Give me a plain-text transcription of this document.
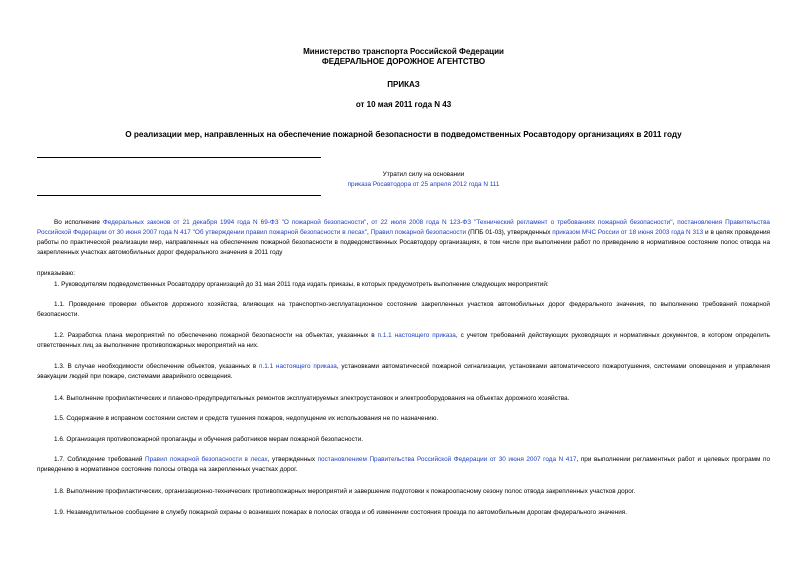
Министерство транспорта Российской Федерации
ФЕДЕРАЛЬНОЕ ДОРОЖНОЕ АГЕНТСТВО
ПРИКАЗ
от 10 мая 2011 года N 43
О реализации мер, направленных на обеспечение пожарной безопасности в подведомственных Росавтодору организациях в 2011 году
Утратил силу на основании
приказа Росавтодора от 25 апреля 2012 года N 111
Во исполнение Федеральных законов от 21 декабря 1994 года N 69-ФЗ "О пожарной безопасности", от 22 июля 2008 года N 123-ФЗ "Технический регламент о требованиях пожарной безопасности", постановления Правительства Российской Федерации от 30 июня 2007 года N 417 "Об утверждении правил пожарной безопасности в лесах", Правил пожарной безопасности (ППБ 01-03), утвержденных приказом МЧС России от 18 июня 2003 года N 313 и в целях проведения работы по практической реализации мер, направленных на обеспечение пожарной безопасности в подведомственных Росавтодору организациях, в том числе при выполнении работ по приведению в нормативное состояние полос отвода на закрепленных участках автомобильных дорог федерального значения в 2011 году
приказываю:
1. Руководителям подведомственных Росавтодору организаций до 31 мая 2011 года издать приказы, в которых предусмотреть выполнение следующих мероприятий:
1.1. Проведение проверки объектов дорожного хозяйства, влияющих на транспортно-эксплуатационное состояние закрепленных участков автомобильных дорог федерального значения, по выполнению требований пожарной безопасности.
1.2. Разработка плана мероприятий по обеспечению пожарной безопасности на объектах, указанных в п.1.1 настоящего приказа, с учетом требований действующих руководящих и нормативных документов, в котором определить ответственных лиц за выполнение противопожарных мероприятий на них.
1.3. В случае необходимости обеспечение объектов, указанных в п.1.1 настоящего приказа, установками автоматической пожарной сигнализации, установками автоматического пожаротушения, системами оповещения и управления эвакуации людей при пожаре, системами аварийного освещения.
1.4. Выполнение профилактических и планово-предупредительных ремонтов эксплуатируемых электроустановок и электрооборудования на объектах дорожного хозяйства.
1.5. Содержание в исправном состоянии систем и средств тушения пожаров, недопущение их использования не по назначению.
1.6. Организация противопожарной пропаганды и обучения работников мерам пожарной безопасности.
1.7. Соблюдение требований Правил пожарной безопасности в лесах, утвержденных постановлением Правительства Российской Федерации от 30 июня 2007 года N 417, при выполнении регламентных работ и целевых программ по приведению в нормативное состояние полосы отвода на закрепленных участках дорог.
1.8. Выполнение профилактических, организационно-технических противопожарных мероприятий и завершение подготовки к пожароопасному сезону полос отвода закрепленных участков дорог.
1.9. Незамедлительное сообщение в службу пожарной охраны о возникших пожарах в полосах отвода и об изменении состояния проезда по автомобильным дорогам федерального значения.
